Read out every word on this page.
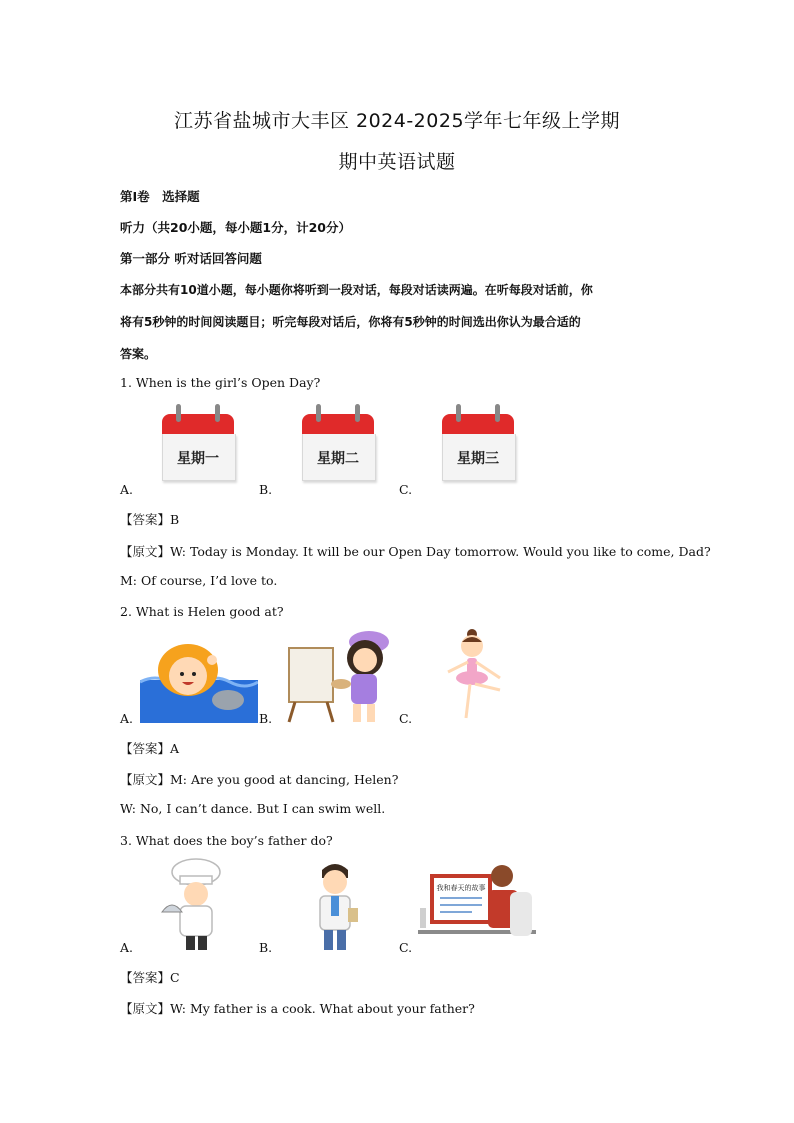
江苏省盐城市大丰区 2024-2025学年七年级上学期
期中英语试题
第I卷　选择题
听力（共20小题，每小题1分，计20分）
第一部分 听对话回答问题
本部分共有10道小题，每小题你将听到一段对话，每段对话读两遍。在听每段对话前，你
将有5秒钟的时间阅读题目；听完每段对话后，你将有5秒钟的时间选出你认为最合适的
答案。
1. When is the girl’s Open Day?
星期一	星期二	星期三
A.	B.	C.
【答案】B
【原文】W: Today is Monday. It will be our Open Day tomorrow. Would you like to come, Dad?
M: Of course, I’d love to.
2. What is Helen good at?
A.	B.	C.
【答案】A
【原文】M: Are you good at dancing, Helen?
W: No, I can’t dance. But I can swim well.
3. What does the boy’s father do?
我和春天的故事
A.	B.	C.
【答案】C
【原文】W: My father is a cook. What about your father?
